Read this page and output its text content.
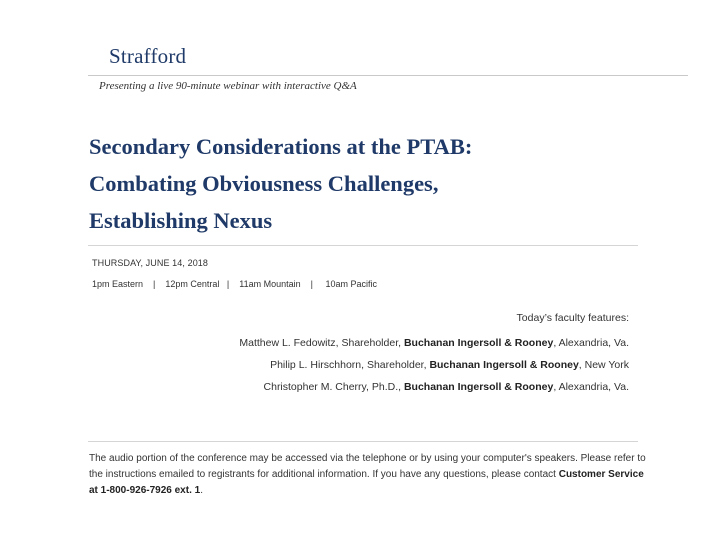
Strafford
Presenting a live 90-minute webinar with interactive Q&A
Secondary Considerations at the PTAB:
Combating Obviousness Challenges,
Establishing Nexus
THURSDAY, JUNE 14, 2018
1pm Eastern    |    12pm Central   |    11am Mountain    |     10am Pacific
Today’s faculty features:
Matthew L. Fedowitz, Shareholder, Buchanan Ingersoll & Rooney, Alexandria, Va.
Philip L. Hirschhorn, Shareholder, Buchanan Ingersoll & Rooney, New York
Christopher M. Cherry, Ph.D., Buchanan Ingersoll & Rooney, Alexandria, Va.

The audio portion of the conference may be accessed via the telephone or by using your computer's speakers. Please refer to the instructions emailed to registrants for additional information. If you have any questions, please contact Customer Service at 1-800-926-7926 ext. 1.
